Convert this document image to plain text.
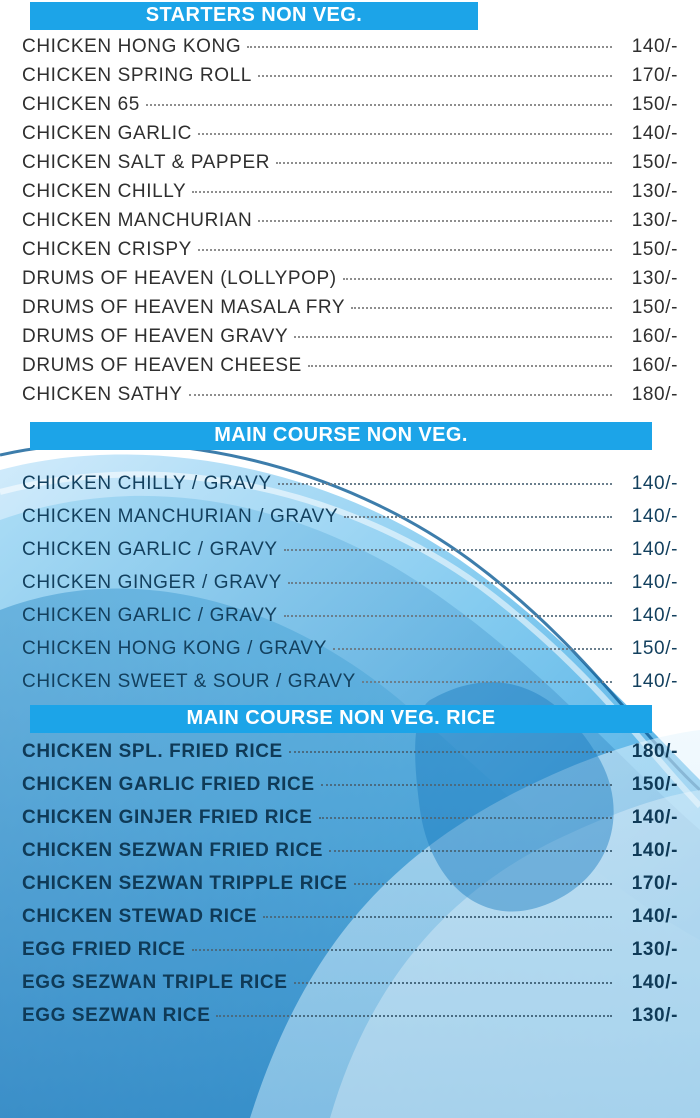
STARTERS NON VEG.
CHICKEN HONG KONG	140/-
CHICKEN SPRING ROLL	170/-
CHICKEN 65	150/-
CHICKEN GARLIC	140/-
CHICKEN SALT & PAPPER	150/-
CHICKEN CHILLY	130/-
CHICKEN MANCHURIAN	130/-
CHICKEN CRISPY	150/-
DRUMS OF HEAVEN (LOLLYPOP)	130/-
DRUMS OF HEAVEN MASALA FRY	150/-
DRUMS OF HEAVEN GRAVY	160/-
DRUMS OF HEAVEN CHEESE	160/-
CHICKEN SATHY	180/-
MAIN COURSE NON VEG.
CHICKEN CHILLY / GRAVY	140/-
CHICKEN MANCHURIAN / GRAVY	140/-
CHICKEN GARLIC / GRAVY	140/-
CHICKEN GINGER / GRAVY	140/-
CHICKEN GARLIC / GRAVY	140/-
CHICKEN HONG KONG / GRAVY	150/-
CHICKEN SWEET & SOUR / GRAVY	140/-
MAIN COURSE NON VEG. RICE
CHICKEN SPL. FRIED RICE	180/-
CHICKEN GARLIC FRIED RICE	150/-
CHICKEN GINJER FRIED RICE	140/-
CHICKEN SEZWAN FRIED RICE	140/-
CHICKEN SEZWAN TRIPPLE RICE	170/-
CHICKEN STEWAD RICE	140/-
EGG FRIED RICE	130/-
EGG SEZWAN TRIPLE RICE	140/-
EGG SEZWAN RICE	130/-
